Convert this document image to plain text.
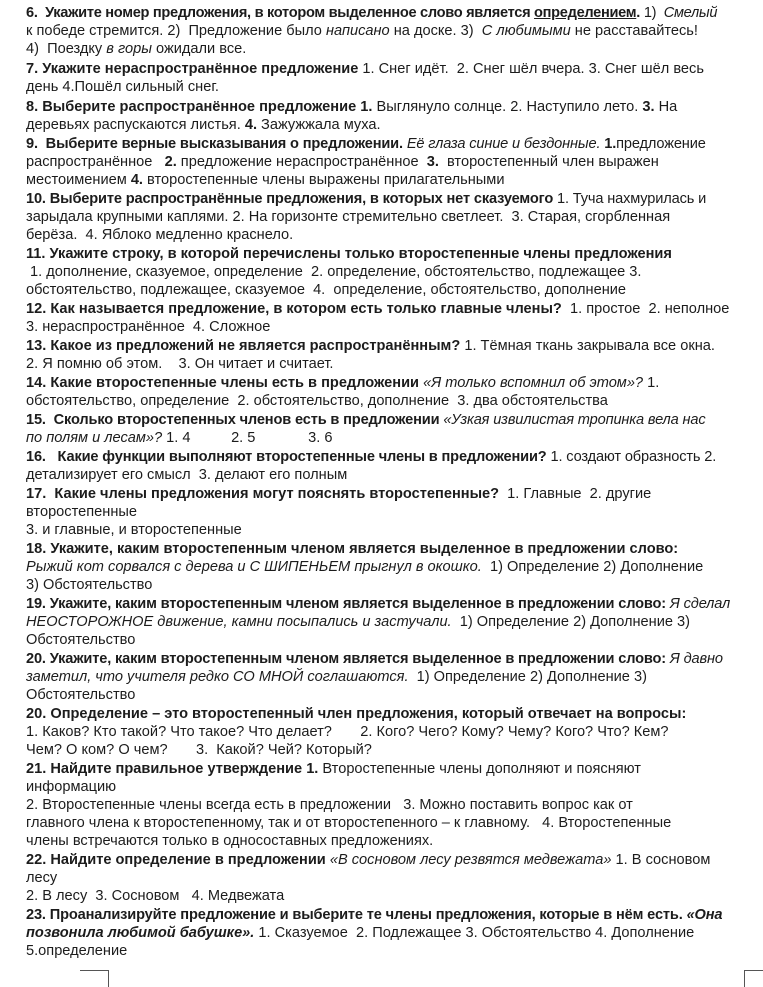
6.  Укажите номер предложения, в котором выделенное слово является определением. 1)  Смелый
к победе стремится. 2)  Предложение было написано на доске. 3)  С любимыми не расставайтесь!
4)  Поездку в горы ожидали все.
7. Укажите нераспространённое предложение 1. Снег идёт.  2. Снег шёл вчера. 3. Снег шёл весь
день 4.Пошёл сильный снег.
8. Выберите распространённое предложение 1. Выглянуло солнце. 2. Наступило лето. 3. На
деревьях распускаются листья. 4. Зажужжала муха.
9.  Выберите верные высказывания о предложении. Её глаза синие и бездонные. 1.предложение
распространённое   2. предложение нераспространённое  3.  второстепенный член выражен
местоимением 4. второстепенные члены выражены прилагательными
10. Выберите распространённые предложения, в которых нет сказуемого 1. Туча нахмурилась и
зарыдала крупными каплями. 2. На горизонте стремительно светлеет.  3. Старая, сгорбленная
берёза.  4. Яблоко медленно краснело.
11. Укажите строку, в которой перечислены только второстепенные члены предложения
1. дополнение, сказуемое, определение  2. определение, обстоятельство, подлежащее 3.
обстоятельство, подлежащее, сказуемое  4.  определение, обстоятельство, дополнение
12. Как называется предложение, в котором есть только главные члены?  1. простое  2. неполное
3. нераспространённое  4. Сложное
13. Какое из предложений не является распространённым? 1. Тёмная ткань закрывала все окна.
2. Я помню об этом.    3. Он читает и считает.
14. Какие второстепенные члены есть в предложении «Я только вспомнил об этом»? 1.
обстоятельство, определение  2. обстоятельство, дополнение  3. два обстоятельства
15.  Сколько второстепенных членов есть в предложении «Узкая извилистая тропинка вела нас
по полям и лесам»? 1. 4          2. 5             3. 6
16.   Какие функции выполняют второстепенные члены в предложении? 1. создают образность 2.
детализирует его смысл  3. делают его полным
17.  Какие члены предложения могут пояснять второстепенные?  1. Главные  2. другие
второстепенные
3. и главные, и второстепенные
18. Укажите, каким второстепенным членом является выделенное в предложении слово:
Рыжий кот сорвался с дерева и С ШИПЕНЬЕМ прыгнул в окошко.  1) Определение 2) Дополнение
3) Обстоятельство
19. Укажите, каким второстепенным членом является выделенное в предложении слово: Я сделал
НЕОСТОРОЖНОЕ движение, камни посыпались и застучали.  1) Определение 2) Дополнение 3)
Обстоятельство
20. Укажите, каким второстепенным членом является выделенное в предложении слово: Я давно
заметил, что учителя редко СО МНОЙ соглашаются.  1) Определение 2) Дополнение 3)
Обстоятельство
20. Определение – это второстепенный член предложения, который отвечает на вопросы:
1. Каков? Кто такой? Что такое? Что делает?       2. Кого? Чего? Кому? Чему? Кого? Что? Кем?
Чем? О ком? О чем?       3.  Какой? Чей? Который?
21. Найдите правильное утверждение 1. Второстепенные члены дополняют и поясняют
информацию
2. Второстепенные члены всегда есть в предложении   3. Можно поставить вопрос как от
главного члена к второстепенному, так и от второстепенного – к главному.   4. Второстепенные
члены встречаются только в односоставных предложениях.
22. Найдите определение в предложении «В сосновом лесу резвятся медвежата» 1. В сосновом
лесу
2. В лесу  3. Сосновом   4. Медвежата
23. Проанализируйте предложение и выберите те члены предложения, которые в нём есть. «Она
позвонила любимой бабушке». 1. Сказуемое  2. Подлежащее 3. Обстоятельство 4. Дополнение
5.определение
